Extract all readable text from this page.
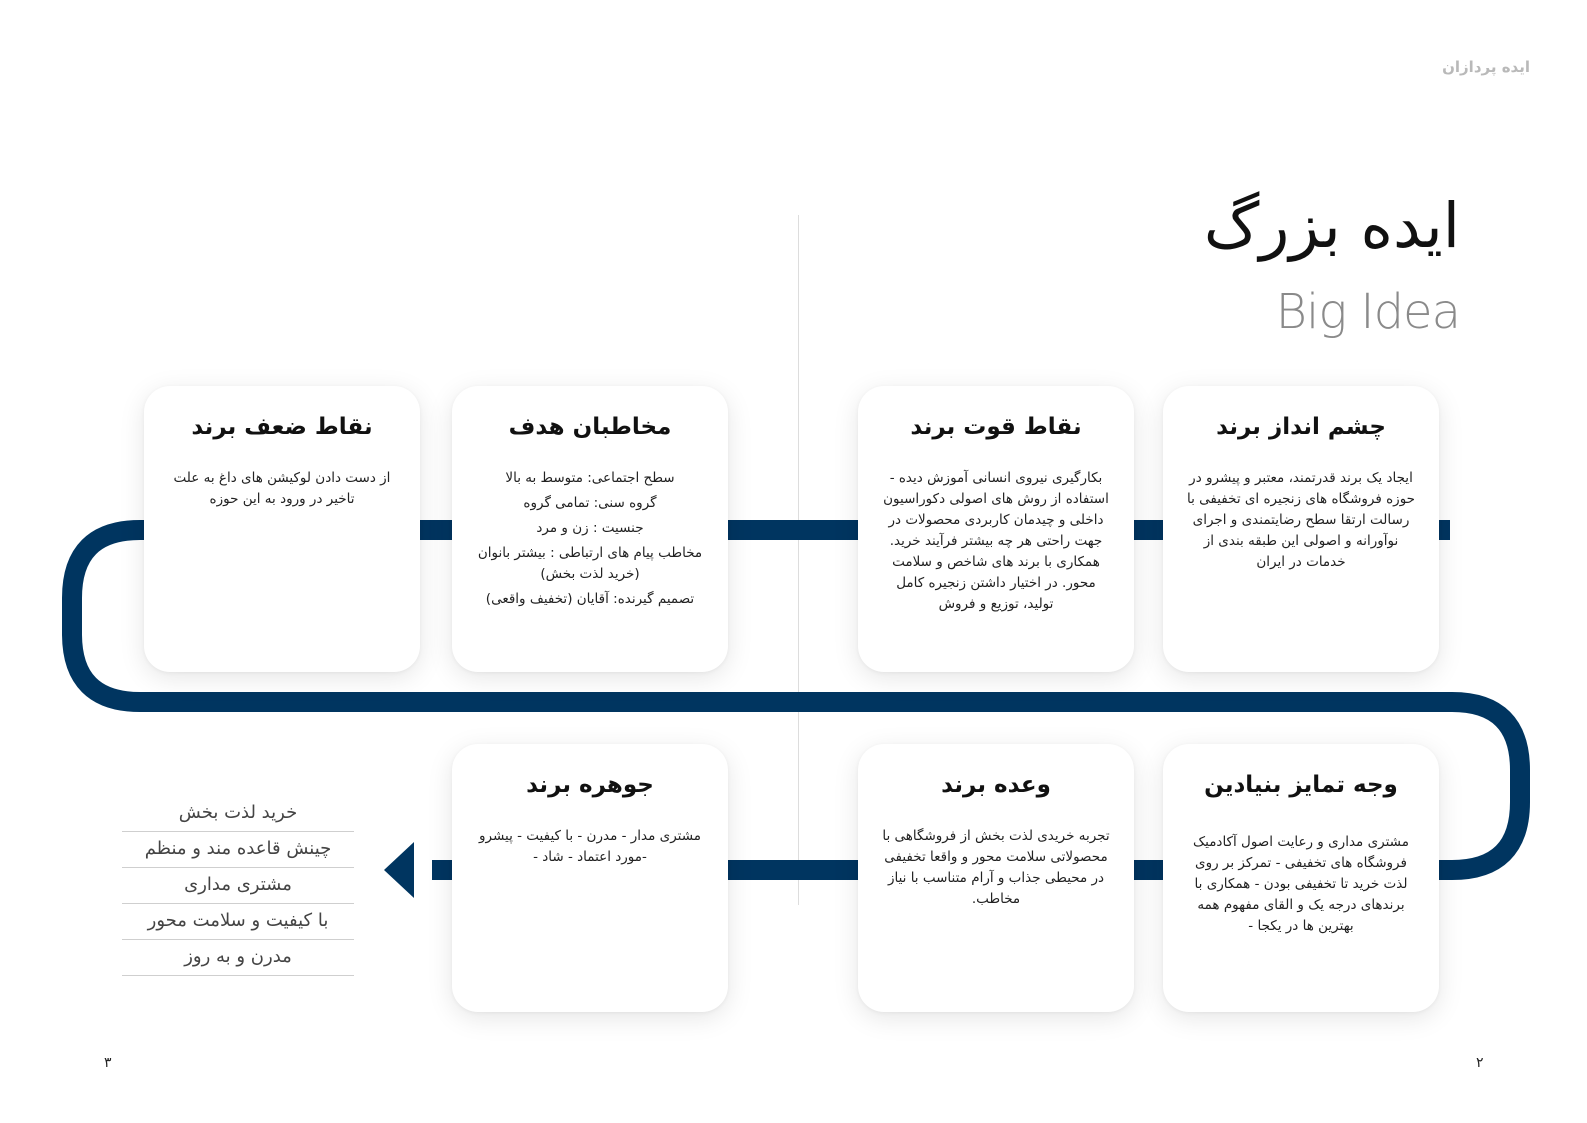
ایده پردازان
ایده بزرگ
Big Idea
چشم انداز برند

ایجاد یک برند قدرتمند، معتبر و پیشرو در حوزه فروشگاه های زنجیره ای تخفیفی با رسالت ارتقا سطح رضایتمندی و اجرای نوآورانه و اصولی این طبقه بندی از خدمات در ایران

نقاط قوت برند

بکارگیری نیروی انسانی آموزش دیده - استفاده از روش های اصولی دکوراسیون داخلی و چیدمان کاربردی محصولات در جهت راحتی هر چه بیشتر فرآیند خرید. همکاری با برند های شاخص و سلامت محور. در اختیار داشتن زنجیره کامل تولید، توزیع و فروش

مخاطبان هدف

سطح اجتماعی: متوسط به بالا

گروه سنی: تمامی گروه

جنسیت : زن و مرد

مخاطب پیام های ارتباطی : بیشتر بانوان (خرید لذت بخش)

تصمیم گیرنده: آقایان (تخفیف واقعی)

نقاط ضعف برند

از دست دادن لوکیشن های داغ به علت تاخیر در ورود به این حوزه

وجه تمایز بنیادین

مشتری مداری و رعایت اصول آکادمیک فروشگاه های تخفیفی - تمرکز بر روی لذت خرید تا تخفیفی بودن - همکاری با برندهای درجه یک و القای مفهوم همه بهترین ها در یکجا -

وعده برند

تجربه خریدی لذت بخش از فروشگاهی با محصولاتی سلامت محور و واقعا تخفیفی در محیطی جذاب و آرام متناسب با نیاز مخاطب.

جوهره برند

مشتری مدار - مدرن - با کیفیت - پیشرو -مورد اعتماد - شاد -

خرید لذت بخش
چینش قاعده مند و منظم
مشتری مداری
با کیفیت و سلامت محور
مدرن و به روز
۳	۲
